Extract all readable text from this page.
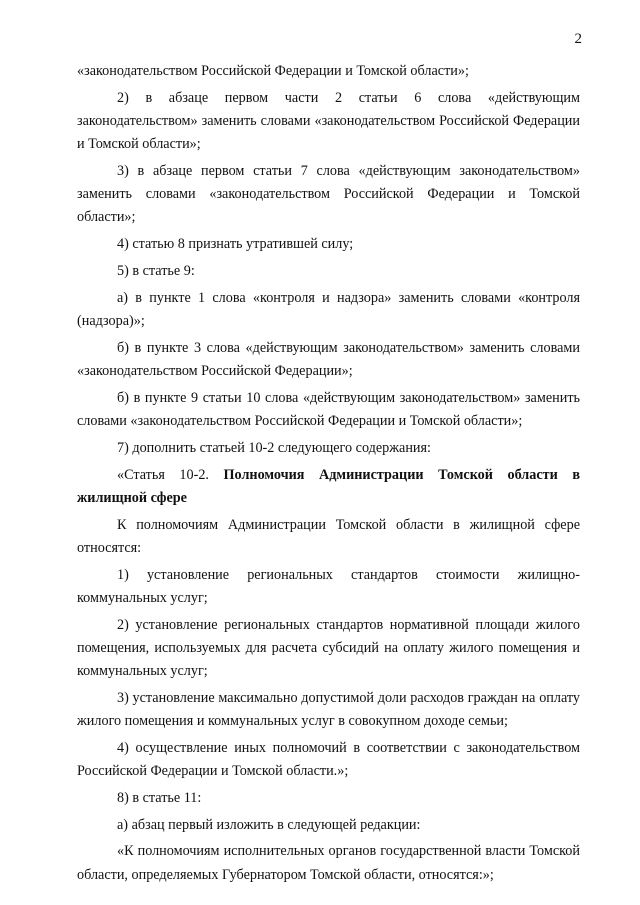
2

«законодательством Российской Федерации и Томской области»;

2) в абзаце первом части 2 статьи 6 слова «действующим законодательством» заменить словами «законодательством Российской Федерации и Томской области»;

3) в абзаце первом статьи 7 слова «действующим законодательством» заменить словами «законодательством Российской Федерации и Томской области»;

4) статью 8 признать утратившей силу;

5) в статье 9:

а) в пункте 1 слова «контроля и надзора» заменить словами «контроля (надзора)»;

б) в пункте 3 слова «действующим законодательством» заменить словами «законодательством Российской Федерации»;

б) в пункте 9 статьи 10 слова «действующим законодательством» заменить словами «законодательством Российской Федерации и Томской области»;

7) дополнить статьей 10-2 следующего содержания:

«Статья 10-2. Полномочия Администрации Томской области в жилищной сфере

К полномочиям Администрации Томской области в жилищной сфере относятся:

1) установление региональных стандартов стоимости жилищно-коммунальных услуг;

2) установление региональных стандартов нормативной площади жилого помещения, используемых для расчета субсидий на оплату жилого помещения и коммунальных услуг;

3) установление максимально допустимой доли расходов граждан на оплату жилого помещения и коммунальных услуг в совокупном доходе семьи;

4) осуществление иных полномочий в соответствии с законодательством Российской Федерации и Томской области.»;

8) в статье 11:

а) абзац первый изложить в следующей редакции:

«К полномочиям исполнительных органов государственной власти Томской области, определяемых Губернатором Томской области, относятся:»;
